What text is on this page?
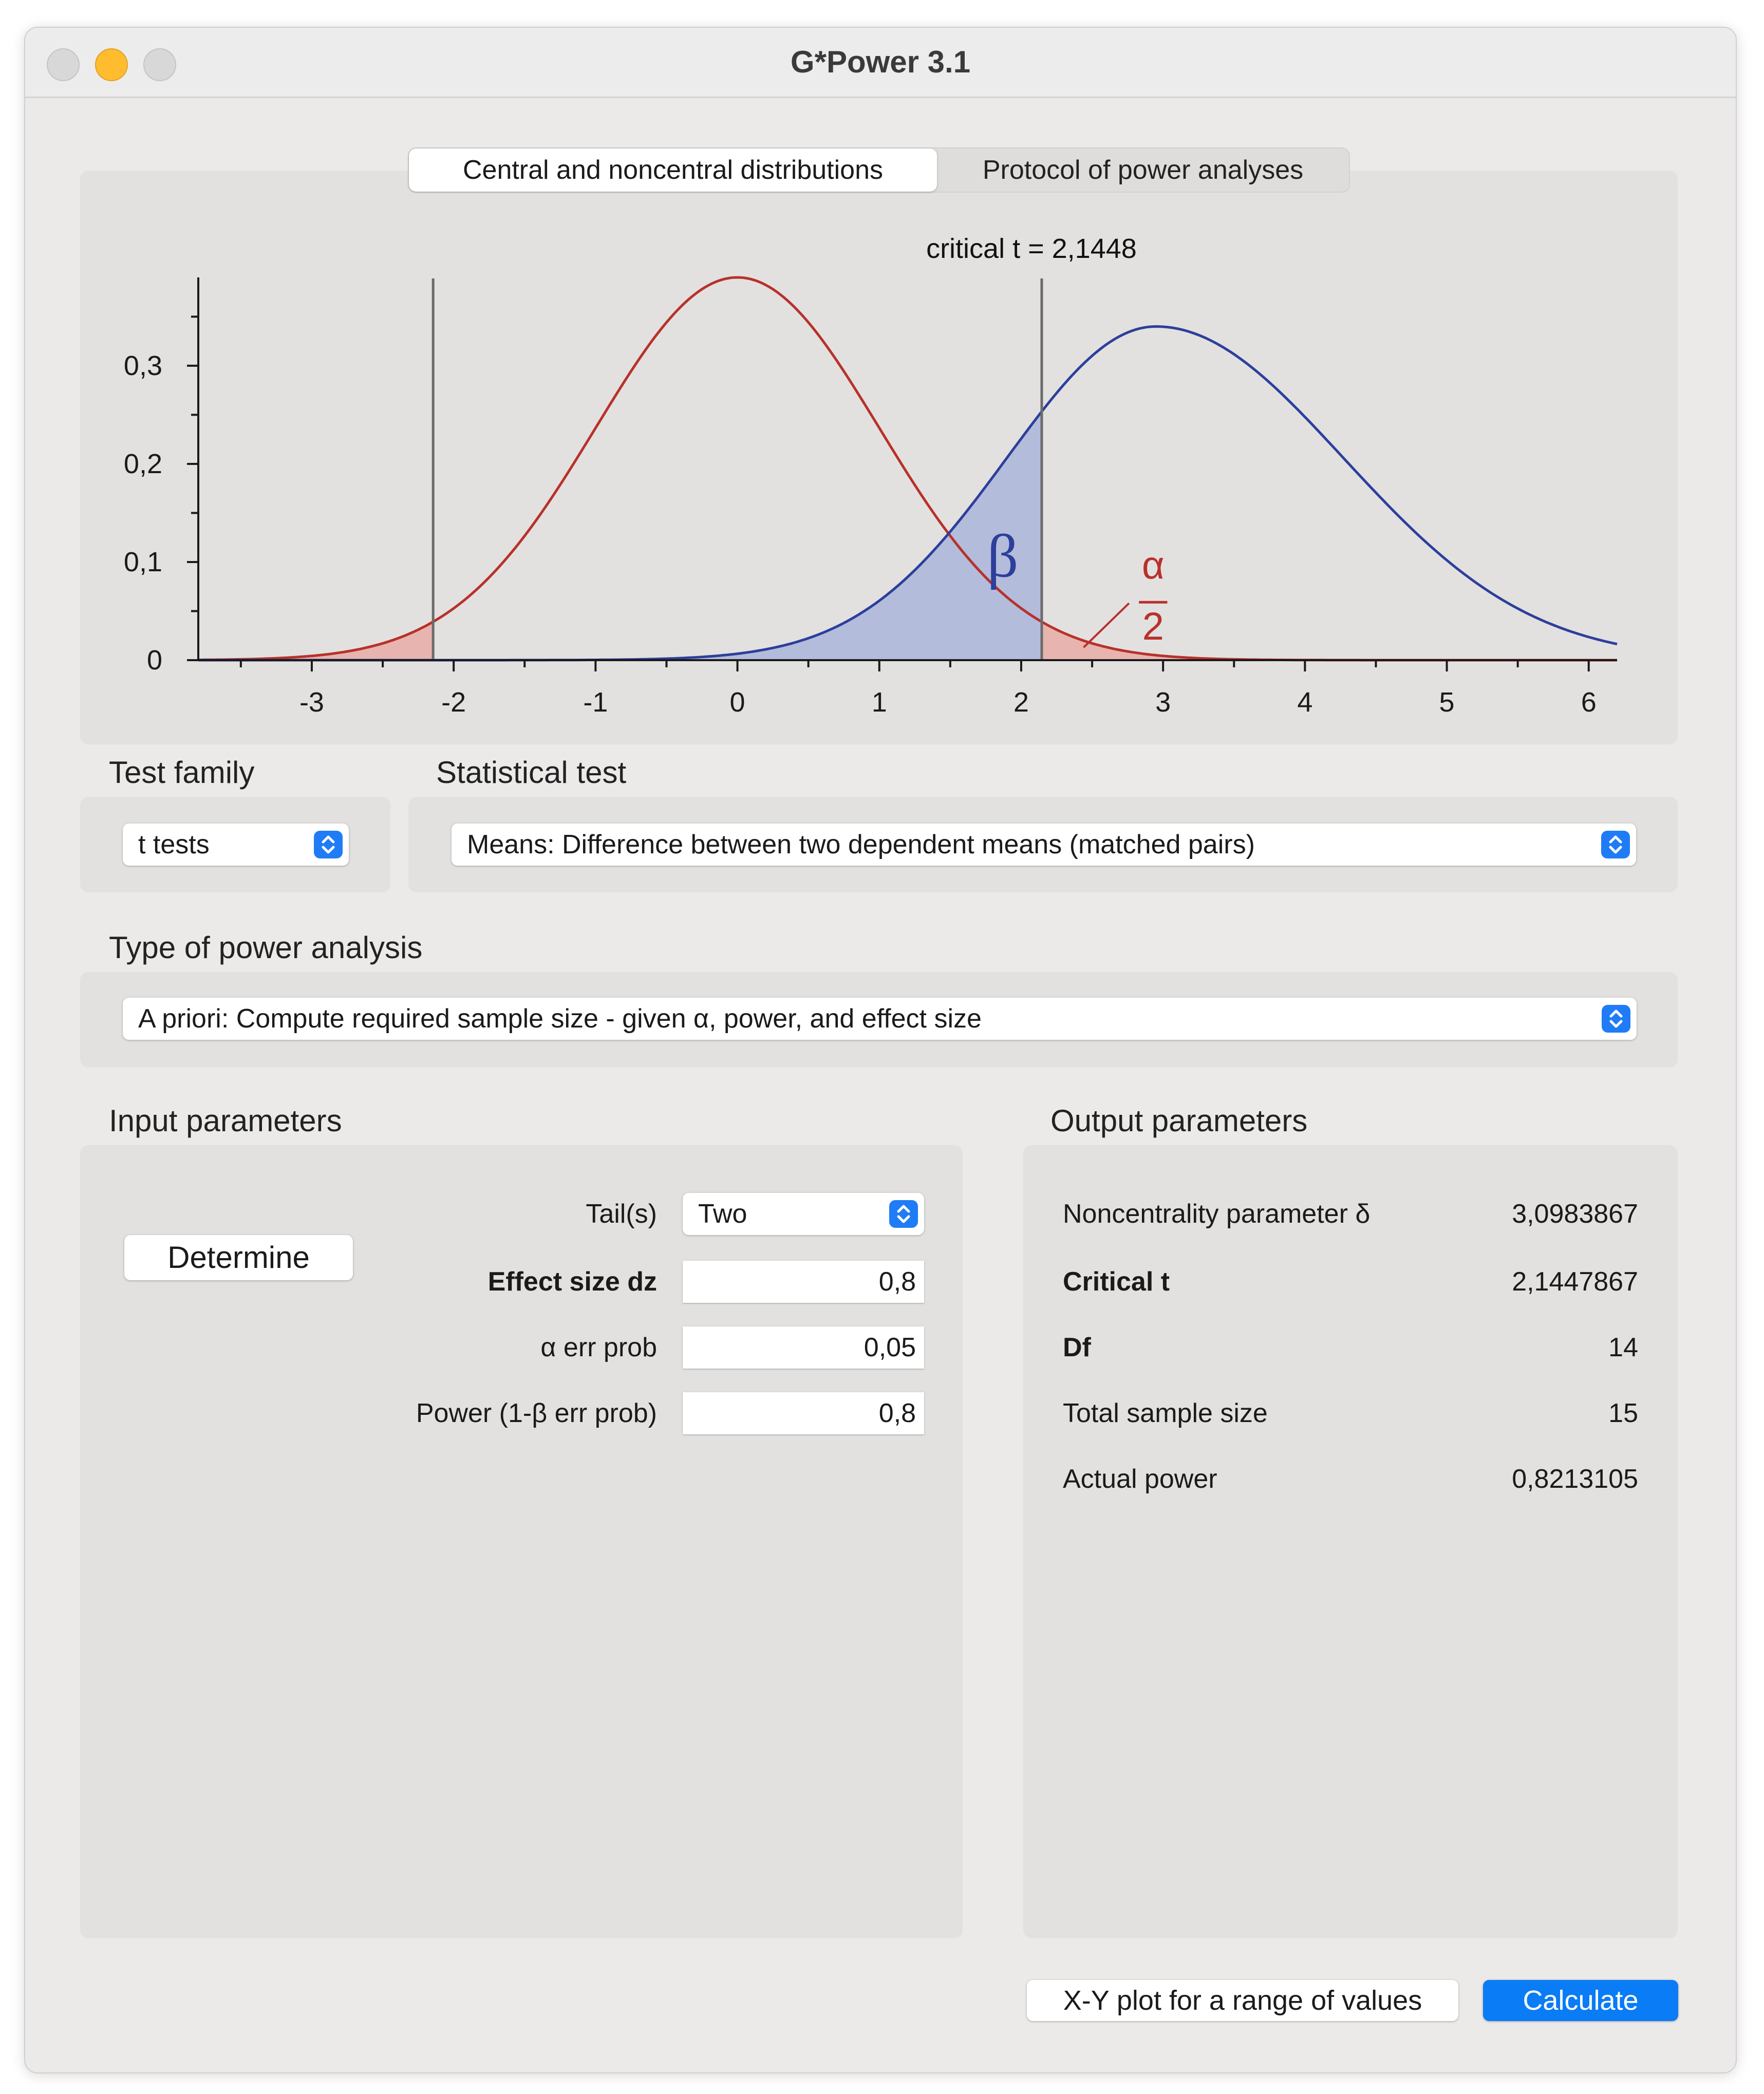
G*Power 3.1
Central and noncentral distributions	Protocol of power analyses
-3	-2	-1	0	1	2	3	4	5	6
0
0,1
0,2
0,3
critical t = 2,1448
β	α
2
Test family	Statistical test
t tests	Means: Difference between two dependent means (matched pairs)
Type of power analysis
A priori: Compute required sample size - given α, power, and effect size
Input parameters
Tail(s) Two
Determine
Effect size dz	0,8
α err prob	0,05
Power (1-β err prob)	0,8
Output parameters
Noncentrality parameter δ	3,0983867
Critical t	2,1447867
Df	14
Total sample size	15
Actual power	0,8213105
X-Y plot for a range of values	Calculate
